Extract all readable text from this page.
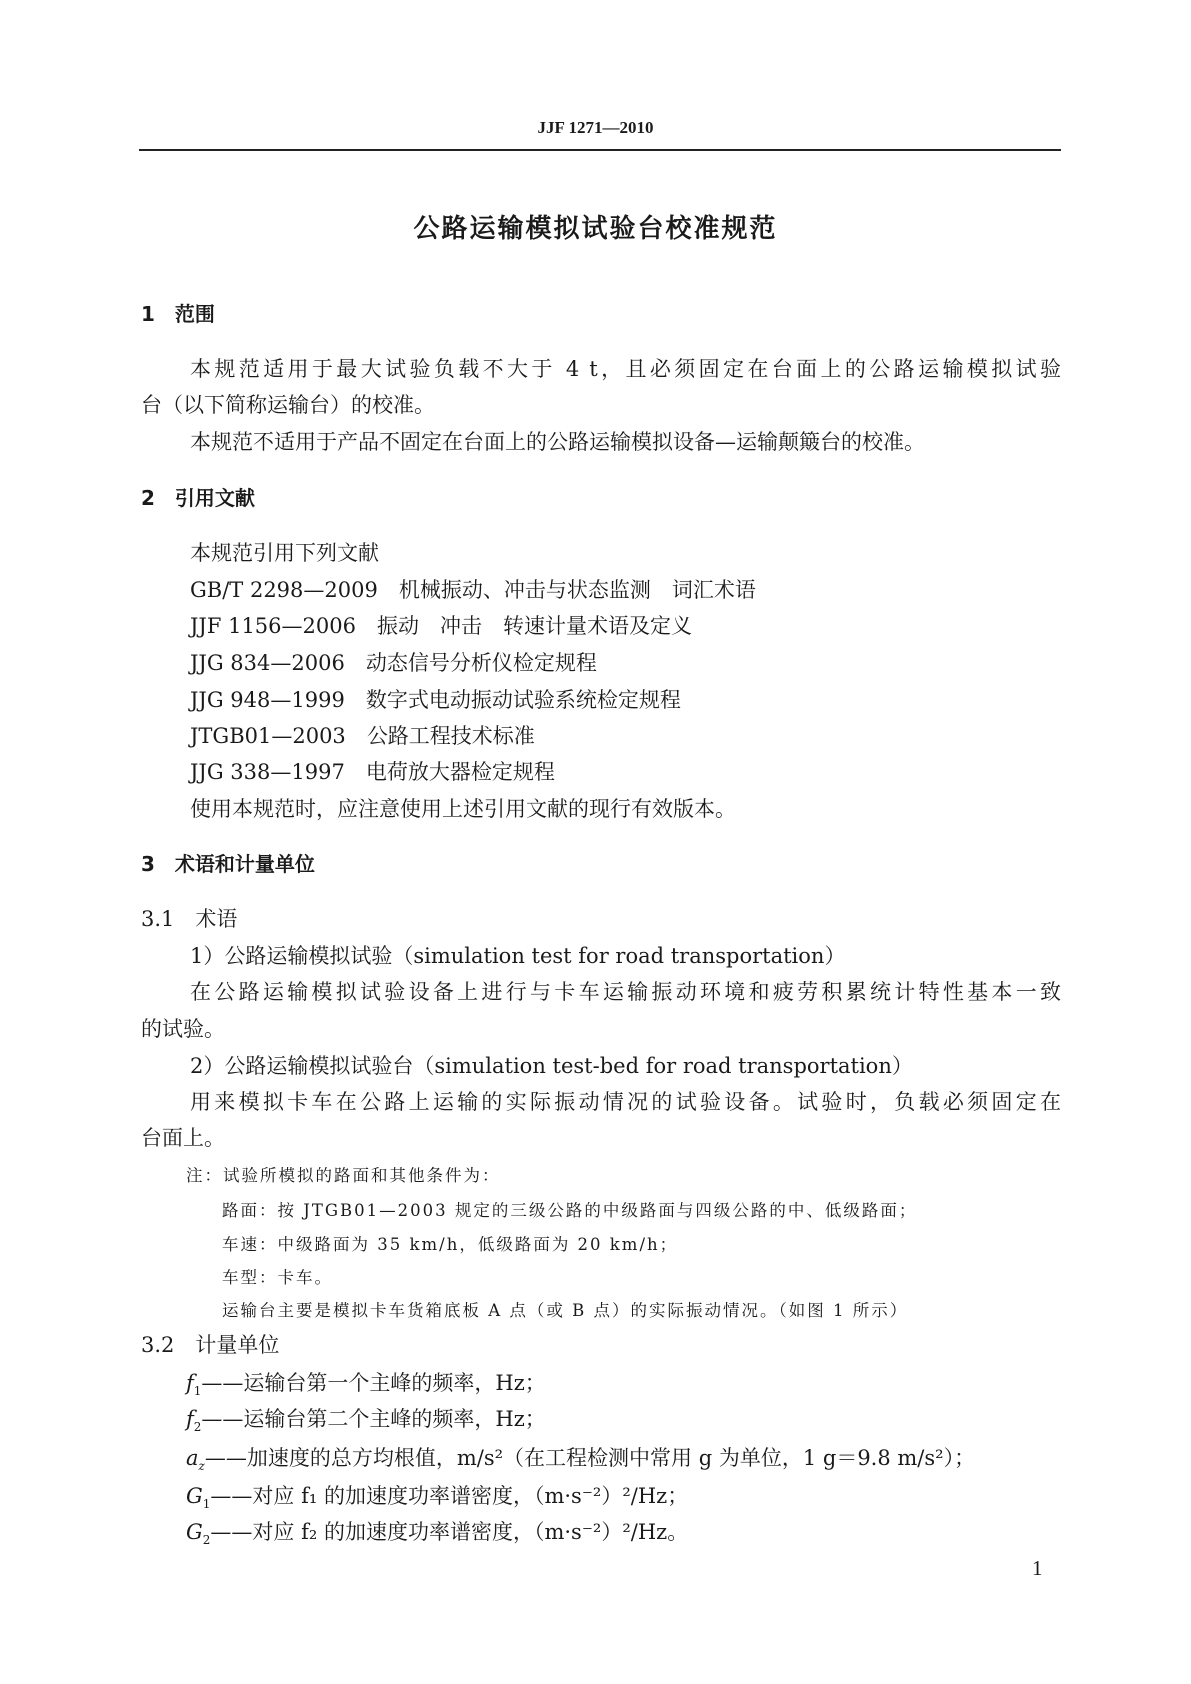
JJF 1271—2010
公路运输模拟试验台校准规范
1　 范围
本规范适用于最大试验负载不大于 4 t，且必须固定在台面上的公路运输模拟试验
台（以下简称运输台）的校准。
本规范不适用于产品不固定在台面上的公路运输模拟设备—运输颠簸台的校准。
2　 引用文献
本规范引用下列文献
GB/T 2298—2009　 机械振动、冲击与状态监测　词汇术语
JJF 1156—2006　 振动　冲击　转速计量术语及定义
JJG 834—2006　 动态信号分析仪检定规程
JJG 948—1999　 数字式电动振动试验系统检定规程
JTGB01—2003　 公路工程技术标准
JJG 338—1997　 电荷放大器检定规程
使用本规范时，应注意使用上述引用文献的现行有效版本。
3　 术语和计量单位
3.1　 术语
1）公路运输模拟试验（simulation test for road transportation）
在公路运输模拟试验设备上进行与卡车运输振动环境和疲劳积累统计特性基本一致
的试验。
2）公路运输模拟试验台（simulation test-bed for road transportation）
用来模拟卡车在公路上运输的实际振动情况的试验设备。试验时，负载必须固定在
台面上。
注：试验所模拟的路面和其他条件为：
路面：按 JTGB01—2003 规定的三级公路的中级路面与四级公路的中、低级路面；
车速：中级路面为 35 km/h，低级路面为 20 km/h；
车型：卡车。
运输台主要是模拟卡车货箱底板 A 点（或 B 点）的实际振动情况。（如图 1 所示）
3.2　 计量单位
$f_1——$运输台第一个主峰的频率，Hz；
$f_2——$运输台第二个主峰的频率，Hz；
$a_z——$加速度的总方均根值，m/s²（在工程检测中常用 g 为单位，1 g＝9.8 m/s²）；
$G_1——$对应 f₁ 的加速度功率谱密度，（m·s⁻²）²/Hz；
$G_2——$对应 f₂ 的加速度功率谱密度，（m·s⁻²）²/Hz。
1
